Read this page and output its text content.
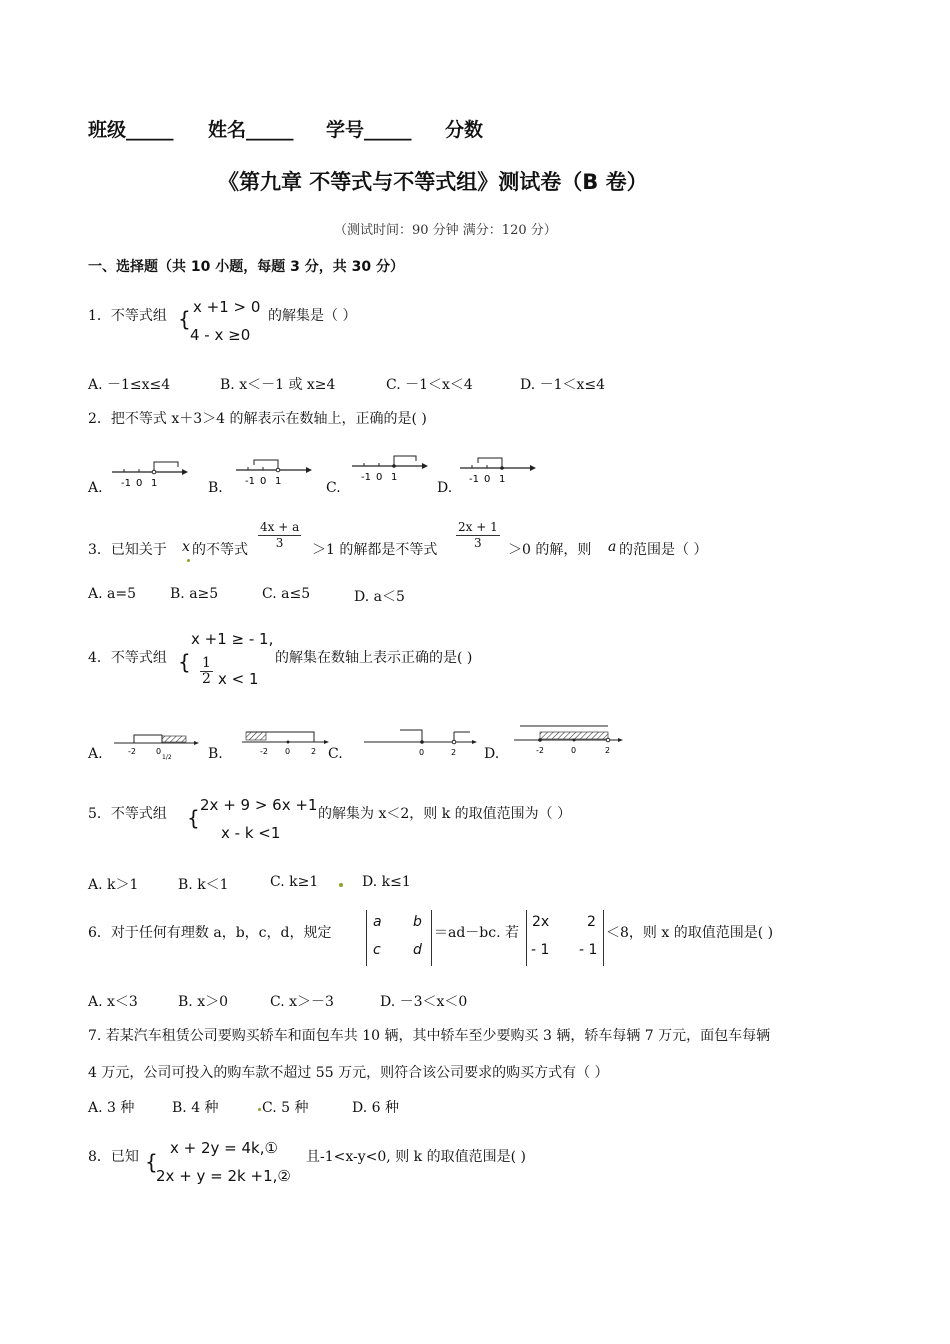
班级_____ 姓名_____ 学号_____ 分数
《第九章 不等式与不等式组》测试卷（B 卷）
（测试时间：90 分钟 满分：120 分）
一、选择题（共 10 小题，每题 3 分，共 30 分）
1．不等式组 { x +1 > 0
4 - x ≥0
的解集是（ ）
A. －1≤x≤4	B. x＜－1 或 x≥4	C. －1＜x＜4	D. －1＜x≤4
2．把不等式 x＋3＞4 的解表示在数轴上，正确的是( )
A. -1 0 1	B. -1 0 1	C.
-1 0 1
D.
-1 0 1
3．已知关于 x 的不等式 $\frac{4x + a}{3} >1$ 的解都是不等式 $\frac{2x + 1}{3} >0$ 的解，则 a 的范围是（ ）
A. a=5 B. a≥5	C. a≤5	D. a＜5
4．不等式组 {
x +1 ≥ - 1,
$\frac{1}{2}$ x < 1
的解集在数轴上表示正确的是( )
A.	-2	0
1/2	B.	-2 0	2 C.	0	2 D.	-2	0	2
5．不等式组 {
2x + 9 > 6x +1
x - k <1
的解集为 x＜2，则 k 的取值范围为（ ）
A. k＞1	B. k＜1	C. k≥1	D. k≤1
6．对于任何有理数 a，b，c，d，规定
a b
c d
＝ad－bc. 若
2x	2
- 1 - 1
＜8，则 x 的取值范围是( )
A. x＜3	B. x＞0	C. x＞－3	D. －3＜x＜0
7. 若某汽车租赁公司要购买轿车和面包车共 10 辆，其中轿车至少要购买 3 辆，轿车每辆 7 万元，面包车每辆
4 万元，公司可投入的购车款不超过 55 万元，则符合该公司要求的购买方式有（ ）
A. 3 种	B. 4 种	C. 5 种	D. 6 种
8．已知 {
x + 2y = 4k,①
2x + y = 2k +1,②
且-1<x-y<0, 则 k 的取值范围是( )
